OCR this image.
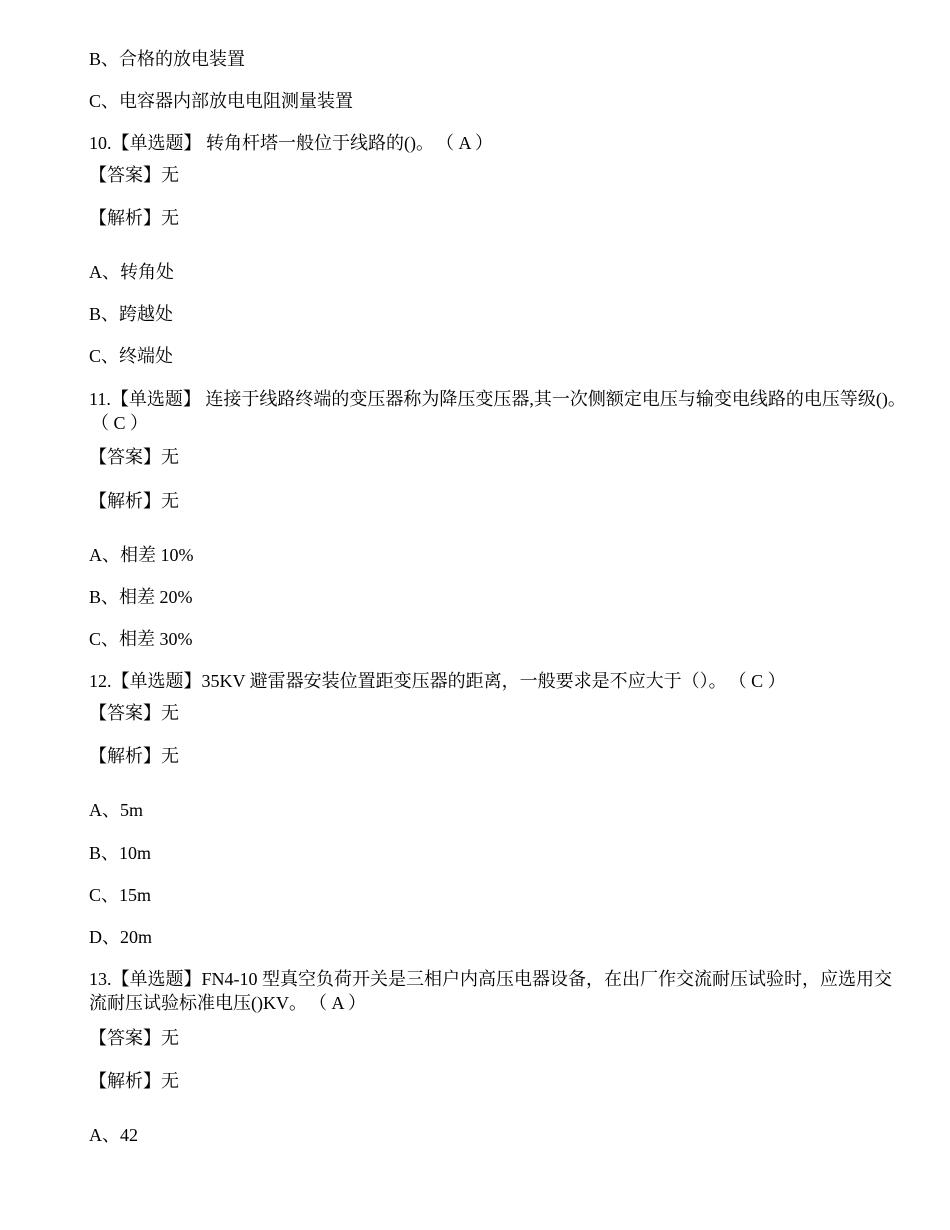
B、合格的放电装置
C、电容器内部放电电阻测量装置
10.【单选题】 转角杆塔一般位于线路的()。 （ A ）
【答案】无
【解析】无
A、转角处
B、跨越处
C、终端处
11.【单选题】 连接于线路终端的变压器称为降压变压器,其一次侧额定电压与输变电线路的电压等级()。（ C ）
【答案】无
【解析】无
A、相差 10%
B、相差 20%
C、相差 30%
12.【单选题】35KV 避雷器安装位置距变压器的距离，一般要求是不应大于（）。 （ C ）
【答案】无
【解析】无
A、5m
B、10m
C、15m
D、20m
13.【单选题】FN4-10 型真空负荷开关是三相户内高压电器设备，在出厂作交流耐压试验时，应选用交流耐压试验标准电压()KV。 （ A ）
【答案】无
【解析】无
A、42
